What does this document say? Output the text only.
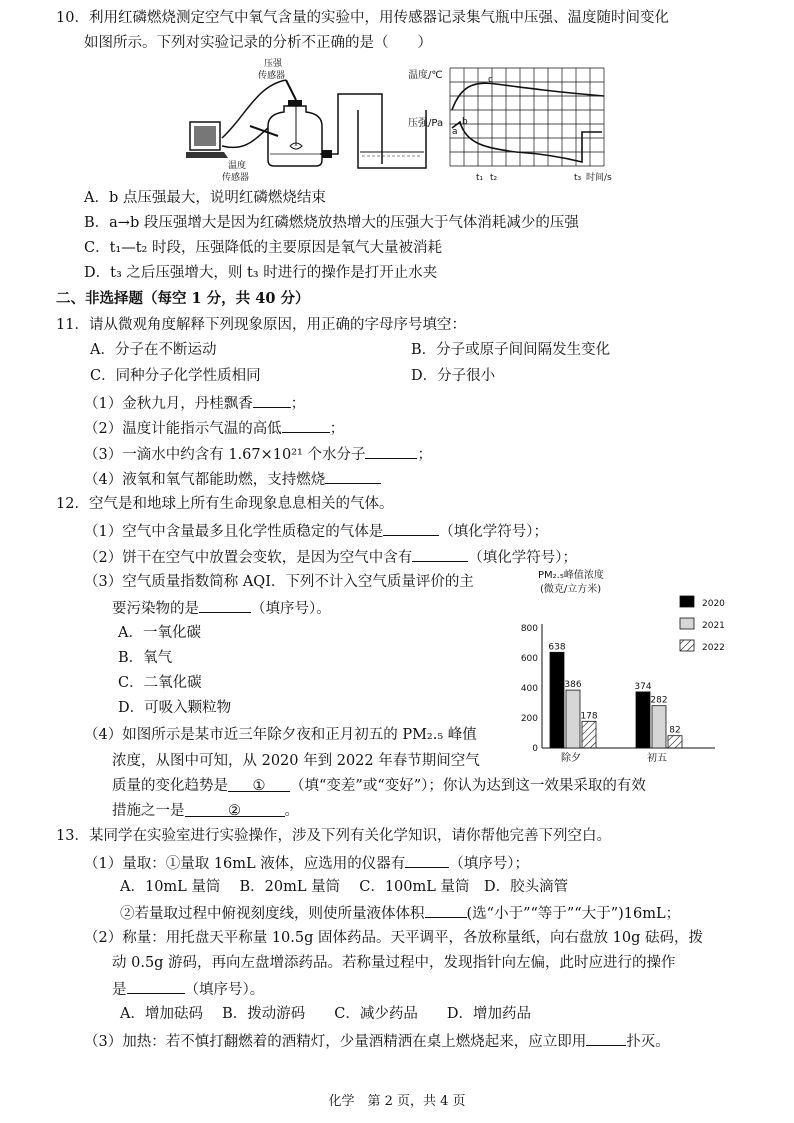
10．利用红磷燃烧测定空气中氧气含量的实验中，用传感器记录集气瓶中压强、温度随时间变化
如图所示。下列对实验记录的分析不正确的是（　　）
压强
传感器
温度
传感器
温度/℃
压强/Pa
a
b
c
t₁ t₂	t₃ 时间/s
A．b 点压强最大，说明红磷燃烧结束
B．a→b 段压强增大是因为红磷燃烧放热增大的压强大于气体消耗减少的压强
C．t₁—t₂ 时段，压强降低的主要原因是氧气大量被消耗
D．t₃ 之后压强增大，则 t₃ 时进行的操作是打开止水夹
二、非选择题（每空 1 分，共 40 分）
11．请从微观角度解释下列现象原因，用正确的字母序号填空：
A．分子在不断运动	B．分子或原子间间隔发生变化
C．同种分子化学性质相同	D．分子很小
（1）金秋九月，丹桂飘香	；
（2）温度计能指示气温的高低	；
（3）一滴水中约含有 1.67×10²¹ 个水分子	；
（4）液氧和氧气都能助燃，支持燃烧
12．空气是和地球上所有生命现象息息相关的气体。
（1）空气中含量最多且化学性质稳定的气体是	（填化学符号）；
（2）饼干在空气中放置会变软，是因为空气中含有	（填化学符号）；
（3）空气质量指数简称 AQI．下列不计入空气质量评价的主
要污染物的是	（填序号）。
A．一氧化碳
B．氧气
C．二氧化碳
D．可吸入颗粒物
（4）如图所示是某市近三年除夕夜和正月初五的 PM₂.₅ 峰值
浓度，从图中可知，从 2020 年到 2022 年春节期间空气
质量的变化趋势是 ① （填“变差”或“变好”）；你认为达到这一效果采取的有效
措施之一是	②	。
PM₂.₅峰值浓度
(微克/立方米)
0
200
400
600
800
638
386
178
除夕
374
282
82
初五
2020
2021
2022
13．某同学在实验室进行实验操作，涉及下列有关化学知识，请你帮他完善下列空白。
（1）量取：①量取 16mL 液体，应选用的仪器有	（填序号）；
A．10mL 量筒　 B．20mL 量筒　 C．100mL 量筒　D．胶头滴管
②若量取过程中俯视刻度线，则使所量液体体积	(选“小于”“等于”“大于”)16mL；
（2）称量：用托盘天平称量 10.5g 固体药品。天平调平，各放称量纸，向右盘放 10g 砝码，拨
动 0.5g 游码，再向左盘增添药品。若称量过程中，发现指针向左偏，此时应进行的操作
是	（填序号）。
A．增加砝码　 B．拨动游码　　C．减少药品　　D．增加药品
（3）加热：若不慎打翻燃着的酒精灯，少量酒精洒在桌上燃烧起来，应立即用	扑灭。
化学　第 2 页，共 4 页
